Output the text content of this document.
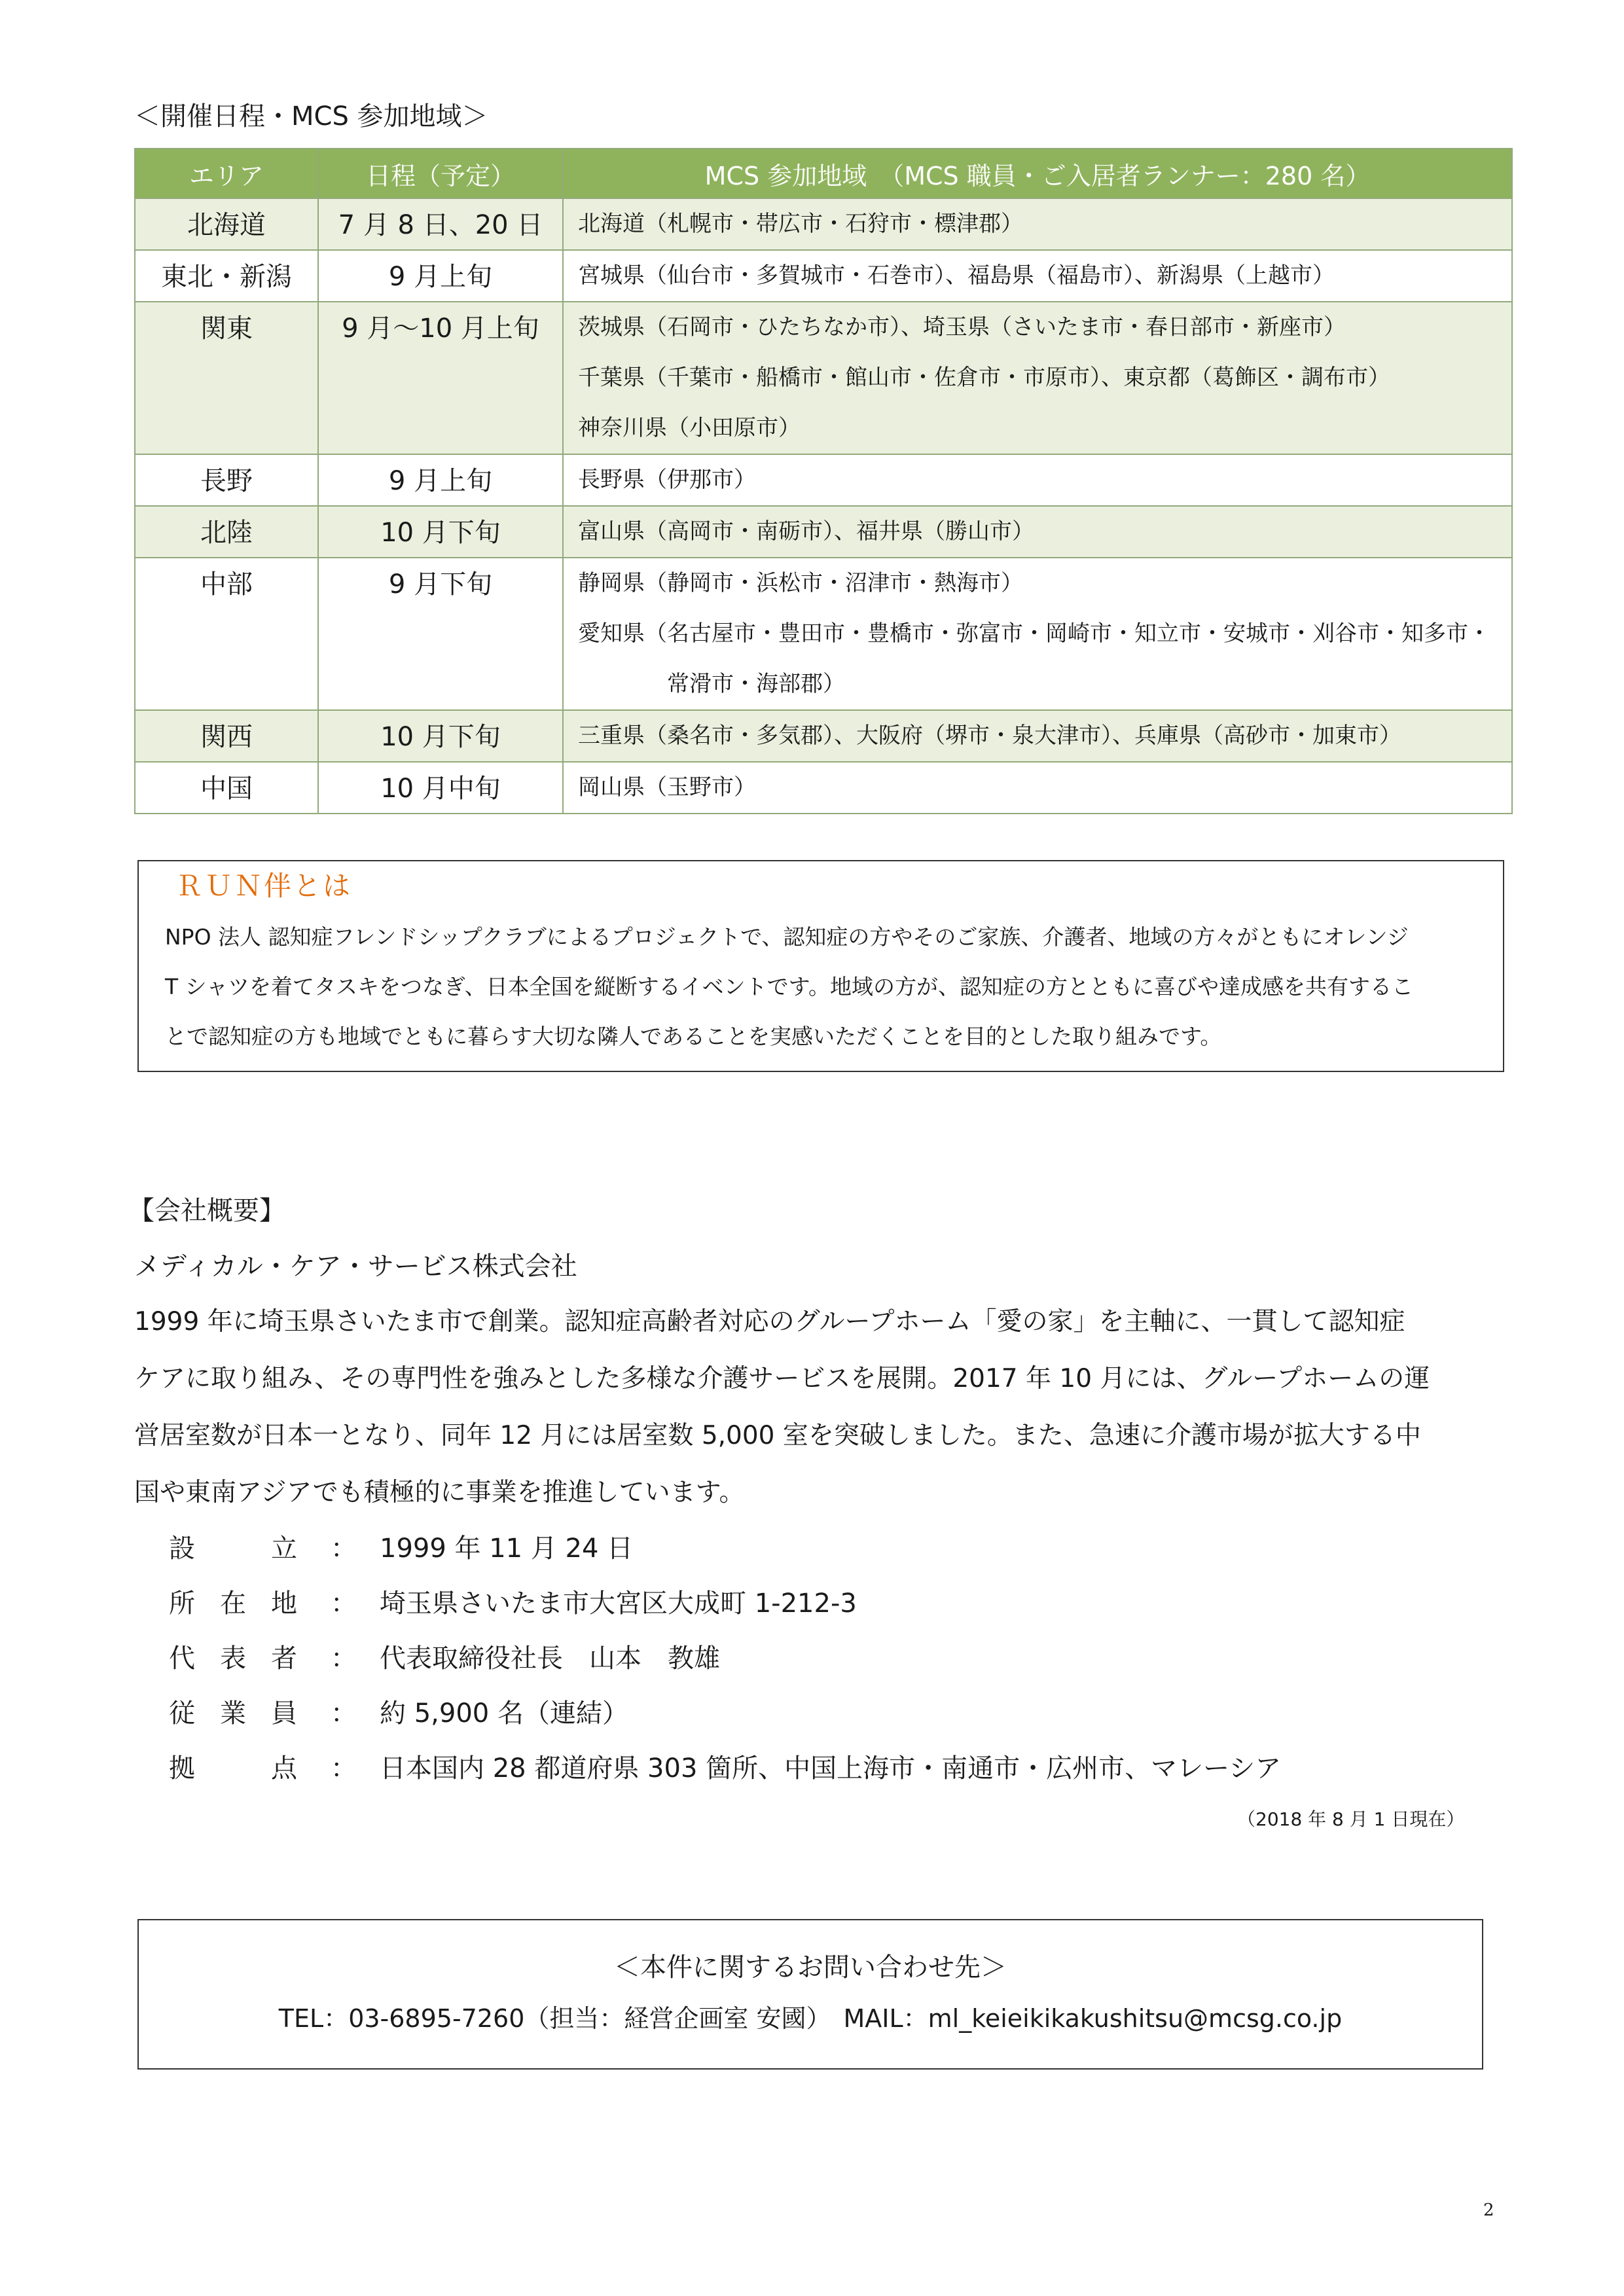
＜開催日程・MCS 参加地域＞
エリア	日程（予定）	MCS 参加地域　（MCS 職員・ご入居者ランナー：280 名）
北海道	7 月 8 日、20 日	北海道（札幌市・帯広市・石狩市・標津郡）

東北・新潟	9 月上旬	宮城県（仙台市・多賀城市・石巻市）、福島県（福島市）、新潟県（上越市）

関東	9 月～10 月上旬	茨城県（石岡市・ひたちなか市）、埼玉県（さいたま市・春日部市・新座市）
千葉県（千葉市・船橋市・館山市・佐倉市・市原市）、東京都（葛飾区・調布市）
神奈川県（小田原市）

長野	9 月上旬	長野県（伊那市）

北陸	10 月下旬	富山県（高岡市・南砺市）、福井県（勝山市）

中部	9 月下旬	静岡県（静岡市・浜松市・沼津市・熱海市）
愛知県（名古屋市・豊田市・豊橋市・弥富市・岡崎市・知立市・安城市・刈谷市・知多市・
常滑市・海部郡）

関西	10 月下旬	三重県（桑名市・多気郡）、大阪府（堺市・泉大津市）、兵庫県（高砂市・加東市）

中国	10 月中旬	岡山県（玉野市）
ＲＵＮ伴とは
NPO 法人 認知症フレンドシップクラブによるプロジェクトで、認知症の方やそのご家族、介護者、地域の方々がともにオレンジ
T シャツを着てタスキをつなぎ、日本全国を縦断するイベントです。地域の方が、認知症の方とともに喜びや達成感を共有するこ
とで認知症の方も地域でともに暮らす大切な隣人であることを実感いただくことを目的とした取り組みです。
【会社概要】
メディカル・ケア・サービス株式会社
1999 年に埼玉県さいたま市で創業。認知症高齢者対応のグループホーム「愛の家」を主軸に、一貫して認知症
ケアに取り組み、その専門性を強みとした多様な介護サービスを展開。2017 年 10 月には、グループホームの運
営居室数が日本一となり、同年 12 月には居室数 5,000 室を突破しました。また、急速に介護市場が拡大する中
国や東南アジアでも積極的に事業を推進しています。
設	立 ： 1999 年 11 月 24 日
所 在 地 ： 埼玉県さいたま市大宮区大成町 1-212-3
代 表 者 ： 代表取締役社長　山本　教雄
従 業 員 ： 約 5,900 名（連結）
拠	点 ： 日本国内 28 都道府県 303 箇所、中国上海市・南通市・広州市、マレーシア
（2018 年 8 月 1 日現在）
＜本件に関するお問い合わせ先＞
TEL：03-6895-7260（担当：経営企画室 安國）　MAIL：ml_keieikikakushitsu@mcsg.co.jp
2
